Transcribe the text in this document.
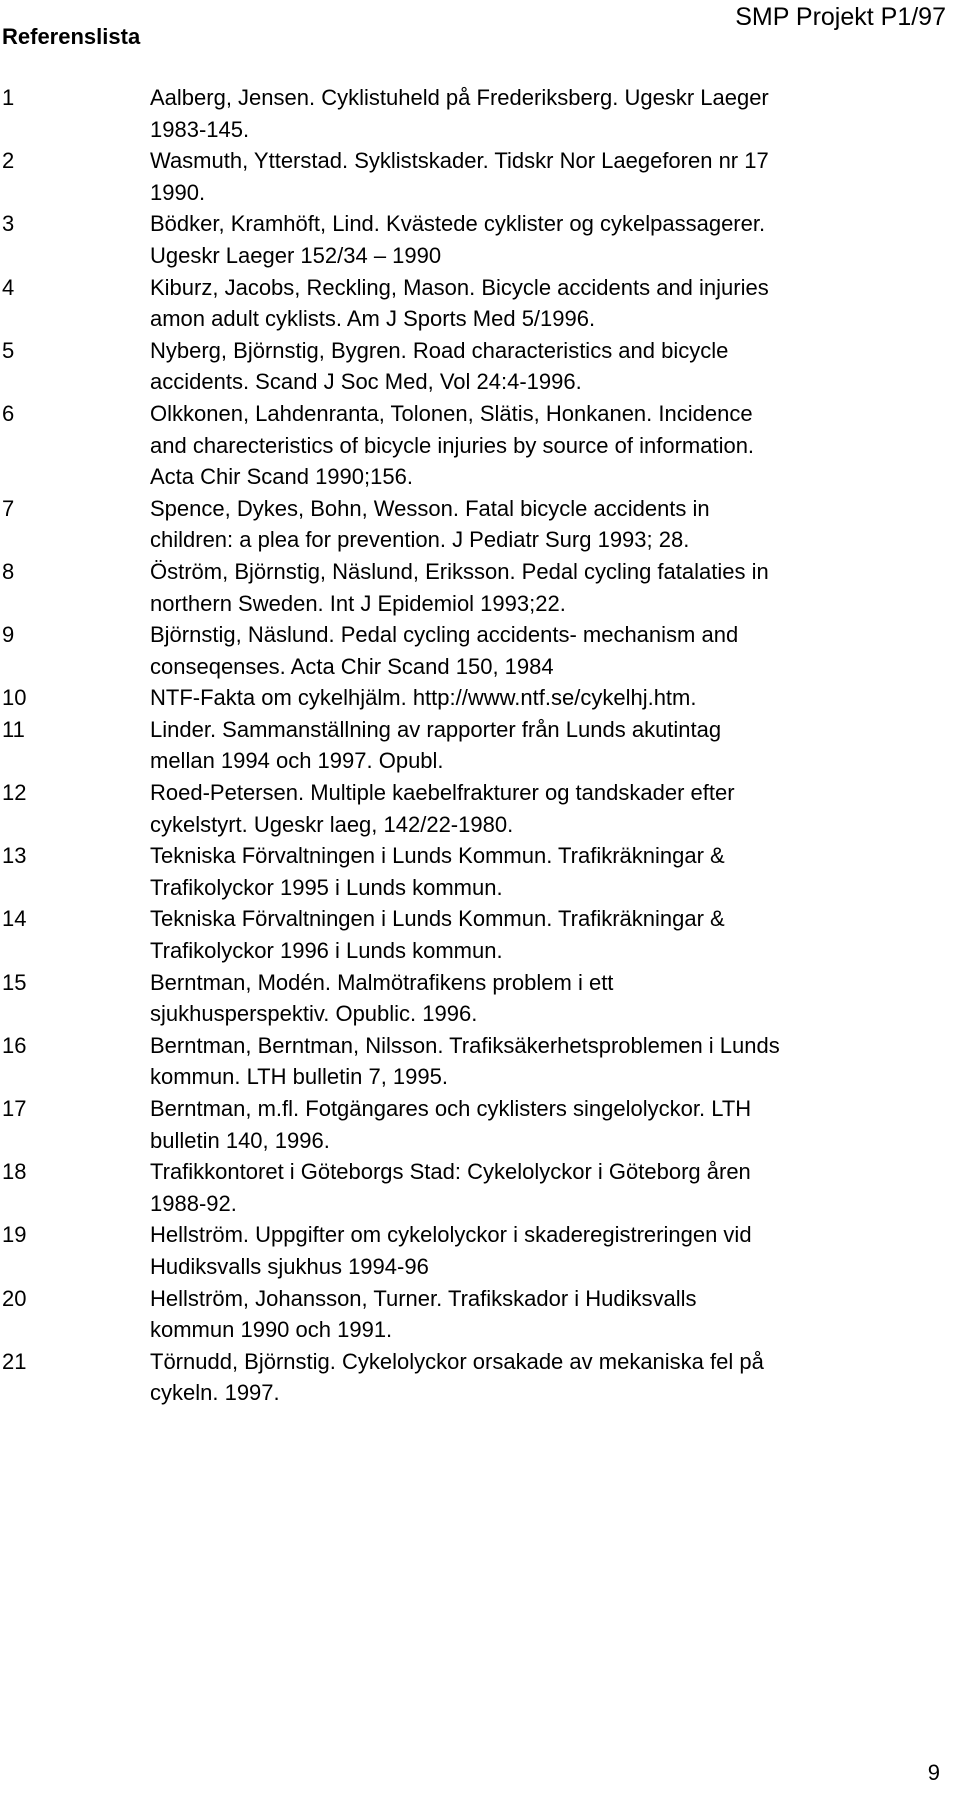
SMP Projekt P1/97
Referenslista
1	Aalberg, Jensen. Cyklistuheld på Frederiksberg. Ugeskr Laeger
1983-145.
2	Wasmuth, Ytterstad. Syklistskader. Tidskr Nor Laegeforen nr 17
1990.
3	Bödker, Kramhöft, Lind. Kvästede cyklister og cykelpassagerer.
Ugeskr Laeger 152/34 – 1990
4	Kiburz, Jacobs, Reckling, Mason. Bicycle accidents and injuries
amon adult cyklists. Am J Sports Med 5/1996.
5	Nyberg, Björnstig, Bygren. Road characteristics and bicycle
accidents. Scand J Soc Med, Vol 24:4-1996.
6	Olkkonen, Lahdenranta, Tolonen, Slätis, Honkanen. Incidence
and charecteristics of bicycle injuries by source of information.
Acta Chir Scand 1990;156.
7	Spence, Dykes, Bohn, Wesson. Fatal bicycle accidents in
children: a plea for prevention. J Pediatr Surg 1993; 28.
8	Öström, Björnstig, Näslund, Eriksson. Pedal cycling fatalaties in
northern Sweden. Int J Epidemiol 1993;22.
9	Björnstig, Näslund. Pedal cycling accidents- mechanism and
conseqenses. Acta Chir Scand 150, 1984
10	NTF-Fakta om cykelhjälm. http://www.ntf.se/cykelhj.htm.
11	Linder. Sammanställning av rapporter från Lunds akutintag
mellan 1994 och 1997. Opubl.
12	Roed-Petersen. Multiple kaebelfrakturer og tandskader efter
cykelstyrt. Ugeskr laeg, 142/22-1980.
13	Tekniska Förvaltningen i Lunds Kommun. Trafikräkningar &
Trafikolyckor 1995 i Lunds kommun.
14	Tekniska Förvaltningen i Lunds Kommun. Trafikräkningar &
Trafikolyckor 1996 i Lunds kommun.
15	Berntman, Modén. Malmötrafikens problem i ett
sjukhusperspektiv. Opublic. 1996.
16	Berntman, Berntman, Nilsson. Trafiksäkerhetsproblemen i Lunds
kommun. LTH bulletin 7, 1995.
17	Berntman, m.fl. Fotgängares och cyklisters singelolyckor. LTH
bulletin 140, 1996.
18	Trafikkontoret i Göteborgs Stad: Cykelolyckor i Göteborg åren
1988-92.
19	Hellström. Uppgifter om cykelolyckor i skaderegistreringen vid
Hudiksvalls sjukhus 1994-96
20	Hellström, Johansson, Turner. Trafikskador i Hudiksvalls
kommun 1990 och 1991.
21	Törnudd, Björnstig. Cykelolyckor orsakade av mekaniska fel på
cykeln. 1997.
9
